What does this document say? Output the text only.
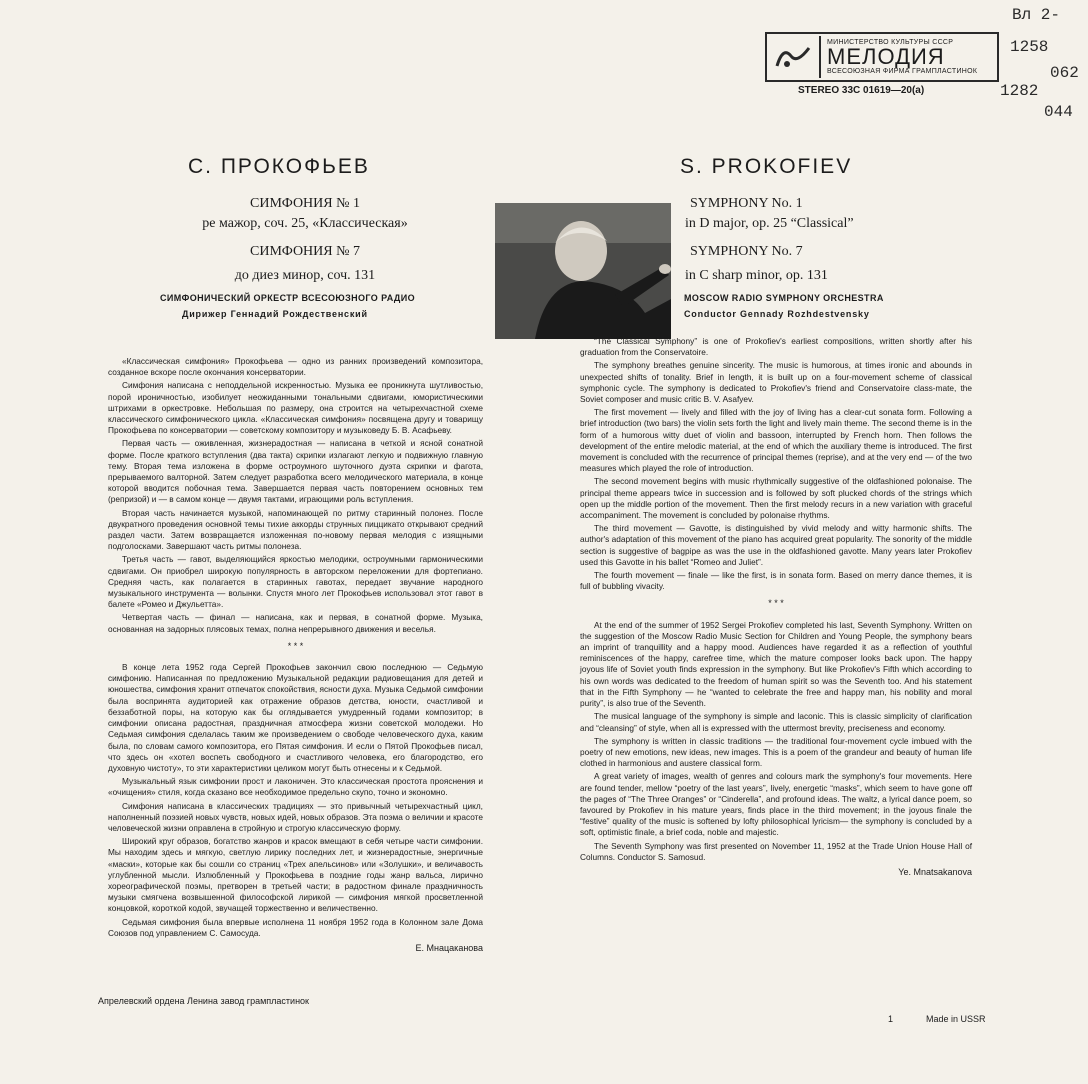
Вл 2-
1258
062
1282
044
МИНИСТЕРСТВО КУЛЬТУРЫ СССР
МЕЛОДИЯ
ВСЕСОЮЗНАЯ ФИРМА ГРАМПЛАСТИНОК
STEREO 33С 01619—20(а)
С. ПРОКОФЬЕВ
СИМФОНИЯ № 1
ре мажор, соч. 25, «Классическая»
СИМФОНИЯ № 7
до диез минор, соч. 131
СИМФОНИЧЕСКИЙ ОРКЕСТР ВСЕСОЮЗНОГО РАДИО
Дирижер Геннадий Рождественский
S. PROKOFIEV
SYMPHONY No. 1
in D major, op. 25 “Classical”
SYMPHONY No. 7
in C sharp minor, op. 131
MOSCOW RADIO SYMPHONY ORCHESTRA
Conductor Gennady Rozhdestvensky

«Классическая симфония» Прокофьева — одно из ранних произведений композитора, созданное вскоре после окончания консерватории.

Симфония написана с неподдельной искренностью. Музыка ее проникнута шутливостью, порой ироничностью, изобилует неожиданными тональными сдвигами, юмористическими штрихами в оркестровке. Небольшая по размеру, она строится на четырехчастной схеме классического симфонического цикла. «Классическая симфония» посвящена другу и товарищу Прокофьева по консерватории — советскому композитору и музыковеду Б. В. Асафьеву.

Первая часть — оживленная, жизнерадостная — написана в четкой и ясной сонатной форме. После краткого вступления (два такта) скрипки излагают легкую и подвижную главную тему. Вторая тема изложена в форме остроумного шуточного дуэта скрипки и фагота, прерываемого валторной. Затем следует разработка всего мелодического материала, в конце которой вводится побочная тема. Завершается первая часть повторением основных тем (репризой) и — в самом конце — двумя тактами, играющими роль вступления.

Вторая часть начинается музыкой, напоминающей по ритму старинный полонез. После двукратного проведения основной темы тихие аккорды струнных пиццикато открывают средний раздел части. Затем возвращается изложенная по-новому первая мелодия с изящными подголосками. Завершают часть ритмы полонеза.

Третья часть — гавот, выделяющийся яркостью мелодики, остроумными гармоническими сдвигами. Он приобрел широкую популярность в авторском переложении для фортепиано. Средняя часть, как полагается в старинных гавотах, передает звучание народного музыкального инструмента — волынки. Спустя много лет Прокофьев использовал этот гавот в балете «Ромео и Джульетта».

Четвертая часть — финал — написана, как и первая, в сонатной форме. Музыка, основанная на задорных плясовых темах, полна непрерывного движения и веселья.

* * *

В конце лета 1952 года Сергей Прокофьев закончил свою последнюю — Седьмую симфонию. Написанная по предложению Музыкальной редакции радиовещания для детей и юношества, симфония хранит отпечаток спокойствия, ясности духа. Музыка Седьмой симфонии была воспринята аудиторией как отражение образов детства, юности, счастливой и беззаботной поры, на которую как бы оглядывается умудренный годами композитор; в симфонии описана радостная, праздничная атмосфера жизни советской молодежи. Но Седьмая симфония сделалась таким же произведением о свободе человеческого духа, каким была, по словам самого композитора, его Пятая симфония. И если о Пятой Прокофьев писал, что здесь он «хотел воспеть свободного и счастливого человека, его благородство, его духовную чистоту», то эти характеристики целиком могут быть отнесены и к Седьмой.

Музыкальный язык симфонии прост и лаконичен. Это классическая простота прояснения и «очищения» стиля, когда сказано все необходимое предельно скупо, точно и экономно.

Симфония написана в классических традициях — это привычный четырехчастный цикл, наполненный поэзией новых чувств, новых идей, новых образов. Эта поэма о величии и красоте человеческой жизни оправлена в стройную и строгую классическую форму.

Широкий круг образов, богатство жанров и красок вмещают в себя четыре части симфонии. Мы находим здесь и мягкую, светлую лирику последних лет, и жизнерадостные, энергичные «маски», которые как бы сошли со страниц «Трех апельсинов» или «Золушки», и величавость углубленной мысли. Излюбленный у Прокофьева в поздние годы жанр вальса, лирично хореографической поэмы, претворен в третьей части; в радостном финале праздничность музыки смягчена возвышенной философской лирикой — симфония мягкой просветленной концовкой, короткой кодой, звучащей торжественно и величественно.

Седьмая симфония была впервые исполнена 11 ноября 1952 года в Колонном зале Дома Союзов под управлением С. Самосуда.

Е. Мнацаканова

“The Classical Symphony” is one of Prokofiev's earliest compositions, written shortly after his graduation from the Conservatoire.

The symphony breathes genuine sincerity. The music is humorous, at times ironic and abounds in unexpected shifts of tonality. Brief in length, it is built up on a four-movement scheme of classical symphonic cycle. The symphony is dedicated to Prokofiev's friend and Conservatoire class-mate, the Soviet composer and music critic B. V. Asafyev.

The first movement — lively and filled with the joy of living has a clear-cut sonata form. Following a brief introduction (two bars) the violin sets forth the light and lively main theme. The second theme is in the form of a humorous witty duet of violin and bassoon, interrupted by French horn. Then follows the development of the entire melodic material, at the end of which the auxiliary theme is introduced. The first movement is concluded with the recurrence of principal themes (reprise), and at the very end — of the two measures which played the role of introduction.

The second movement begins with music rhythmically suggestive of the oldfashioned polonaise. The principal theme appears twice in succession and is followed by soft plucked chords of the strings which open up the middle portion of the movement. Then the first melody recurs in a new variation with graceful accompaniment. The movement is concluded by polonaise rhythms.

The third movement — Gavotte, is distinguished by vivid melody and witty harmonic shifts. The author's adaptation of this movement of the piano has acquired great popularity. The sonority of the middle section is suggestive of bagpipe as was the use in the oldfashioned gavotte. Many years later Prokofiev used this Gavotte in his ballet “Romeo and Juliet”.

The fourth movement — finale — like the first, is in sonata form. Based on merry dance themes, it is full of bubbling vivacity.

* * *

At the end of the summer of 1952 Sergei Prokofiev completed his last, Seventh Symphony. Written on the suggestion of the Moscow Radio Music Section for Children and Young People, the symphony bears an imprint of tranquillity and a happy mood. Audiences have regarded it as a reflection of youthful reminiscences of the happy, carefree time, which the mature composer looks back upon. The happy joyous life of Soviet youth finds expression in the symphony. But like Prokofiev's Fifth which according to his own words was dedicated to the freedom of human spirit so was the Seventh too. And his statement that in the Fifth Symphony — he “wanted to celebrate the free and happy man, his nobility and moral purity”, is also true of the Seventh.

The musical language of the symphony is simple and laconic. This is classic simplicity of clarification and “cleansing” of style, when all is expressed with the uttermost brevity, preciseness and economy.

The symphony is written in classic traditions — the traditional four-movement cycle imbued with the poetry of new emotions, new ideas, new images. This is a poem of the grandeur and beauty of human life clothed in harmonious and austere classical form.

A great variety of images, wealth of genres and colours mark the symphony's four movements. Here are found tender, mellow “poetry of the last years”, lively, energetic “masks”, which seem to have gone off the pages of “The Three Oranges” or “Cinderella”, and profound ideas. The waltz, a lyrical dance poem, so favoured by Prokofiev in his mature years, finds place in the third movement; in the joyous finale the “festive” quality of the music is softened by lofty philosophical lyricism— the symphony is concluded by a soft, optimistic finale, a brief coda, noble and majestic.

The Seventh Symphony was first presented on November 11, 1952 at the Trade Union House Hall of Columns. Conductor S. Samosud.

Ye. Mnatsakanova
Апрелевский ордена Ленина завод грампластинок
1	Made in USSR
